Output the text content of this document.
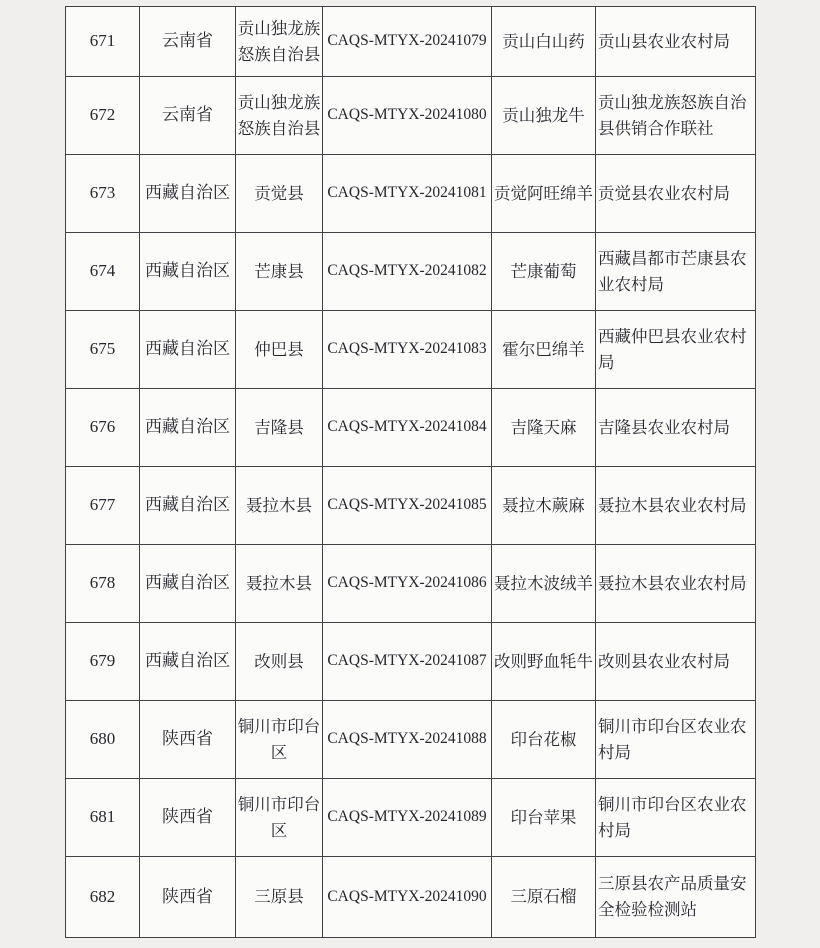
671	云南省	贡山独龙族怒族自治县	CAQS-MTYX-20241079	贡山白山药	贡山县农业农村局
672	云南省	贡山独龙族怒族自治县	CAQS-MTYX-20241080	贡山独龙牛	贡山独龙族怒族自治县供销合作联社
673	西藏自治区	贡觉县	CAQS-MTYX-20241081	贡觉阿旺绵羊	贡觉县农业农村局
674	西藏自治区	芒康县	CAQS-MTYX-20241082	芒康葡萄	西藏昌都市芒康县农业农村局
675	西藏自治区	仲巴县	CAQS-MTYX-20241083	霍尔巴绵羊	西藏仲巴县农业农村局
676	西藏自治区	吉隆县	CAQS-MTYX-20241084	吉隆天麻	吉隆县农业农村局
677	西藏自治区	聂拉木县	CAQS-MTYX-20241085	聂拉木蕨麻	聂拉木县农业农村局
678	西藏自治区	聂拉木县	CAQS-MTYX-20241086	聂拉木波绒羊	聂拉木县农业农村局
679	西藏自治区	改则县	CAQS-MTYX-20241087	改则野血牦牛	改则县农业农村局
680	陕西省	铜川市印台区	CAQS-MTYX-20241088	印台花椒	铜川市印台区农业农村局
681	陕西省	铜川市印台区	CAQS-MTYX-20241089	印台苹果	铜川市印台区农业农村局
682	陕西省	三原县	CAQS-MTYX-20241090	三原石榴	三原县农产品质量安全检验检测站
